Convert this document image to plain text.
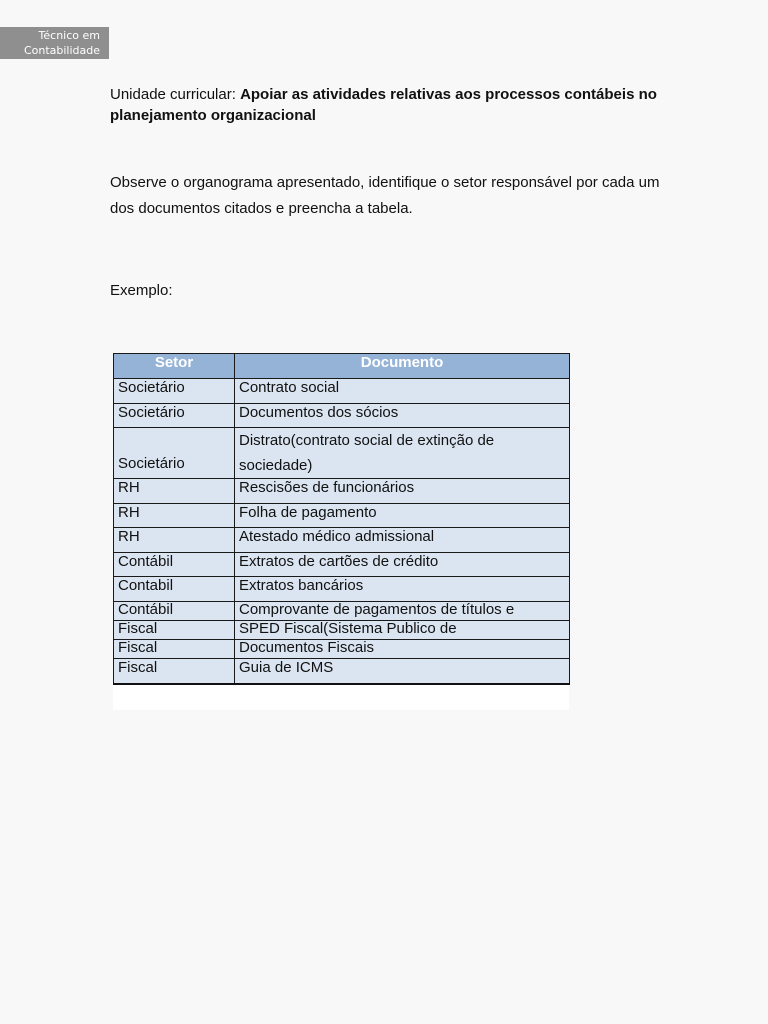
Técnico em
Contabilidade
Unidade curricular: Apoiar as atividades relativas aos processos contábeis no planejamento organizacional
Observe o organograma apresentado, identifique o setor responsável por cada um dos documentos citados e preencha a tabela.
Exemplo:
Setor	Documento
Societário	Contrato social
Societário	Documentos dos sócios
Societário	Distrato(contrato social de extinção de sociedade)
RH	Rescisões de funcionários
RH	Folha de pagamento
RH	Atestado médico admissional
Contábil	Extratos de cartões de crédito
Contabil	Extratos bancários
Contábil	Comprovante de pagamentos de títulos e
Fiscal	SPED Fiscal(Sistema Publico de
Fiscal	Documentos Fiscais
Fiscal	Guia de ICMS
